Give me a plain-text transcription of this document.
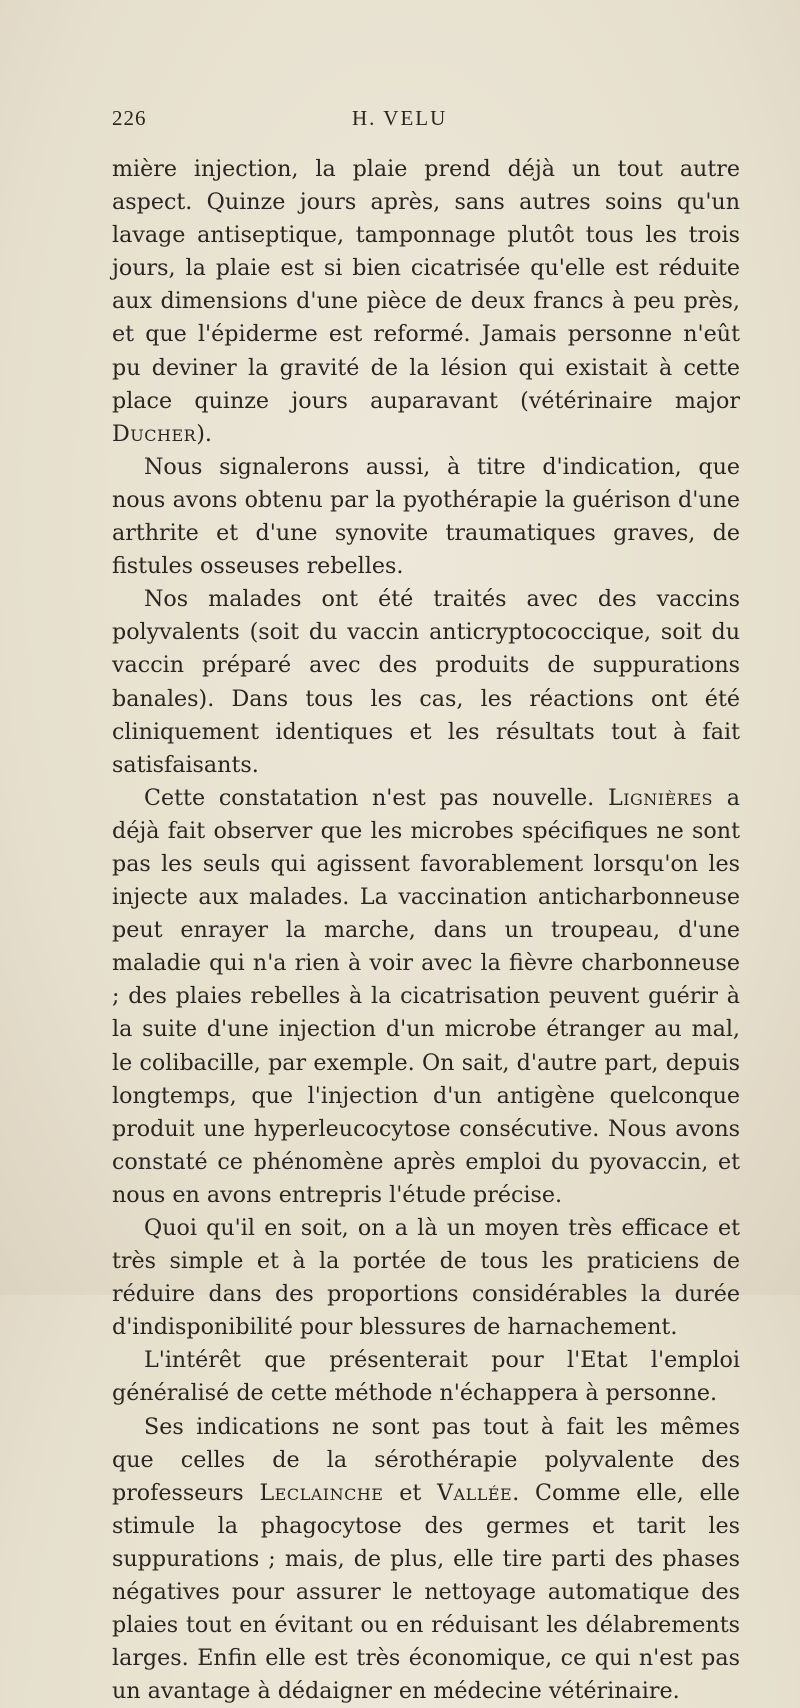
226	H. VELU

mière injection, la plaie prend déjà un tout autre aspect. Quinze jours après, sans autres soins qu'un lavage antiseptique, tamponnage plutôt tous les trois jours, la plaie est si bien cicatrisée qu'elle est réduite aux dimensions d'une pièce de deux francs à peu près, et que l'épiderme est reformé. Jamais personne n'eût pu deviner la gravité de la lésion qui existait à cette place quinze jours auparavant (vétérinaire major Ducher).

Nous signalerons aussi, à titre d'indication, que nous avons obtenu par la pyothérapie la guérison d'une arthrite et d'une synovite traumatiques graves, de fistules osseuses rebelles.

Nos malades ont été traités avec des vaccins polyvalents (soit du vaccin anticryptococcique, soit du vaccin préparé avec des produits de suppurations banales). Dans tous les cas, les réactions ont été cliniquement identiques et les résultats tout à fait satisfaisants.

Cette constatation n'est pas nouvelle. Lignières a déjà fait observer que les microbes spécifiques ne sont pas les seuls qui agissent favorablement lorsqu'on les injecte aux malades. La vaccination anticharbonneuse peut enrayer la marche, dans un troupeau, d'une maladie qui n'a rien à voir avec la fièvre charbonneuse ; des plaies rebelles à la cicatrisation peuvent guérir à la suite d'une injection d'un microbe étranger au mal, le colibacille, par exemple. On sait, d'autre part, depuis longtemps, que l'injection d'un antigène quelconque produit une hyperleucocytose consécutive. Nous avons constaté ce phénomène après emploi du pyovaccin, et nous en avons entrepris l'étude précise.

Quoi qu'il en soit, on a là un moyen très efficace et très simple et à la portée de tous les praticiens de réduire dans des proportions considérables la durée d'indisponibilité pour blessures de harnachement.

L'intérêt que présenterait pour l'Etat l'emploi généralisé de cette méthode n'échappera à personne.

Ses indications ne sont pas tout à fait les mêmes que celles de la sérothérapie polyvalente des professeurs Leclainche et Vallée. Comme elle, elle stimule la phagocytose des germes et tarit les suppurations ; mais, de plus, elle tire parti des phases négatives pour assurer le nettoyage automatique des plaies tout en évitant ou en réduisant les délabrements larges. Enfin elle est très économique, ce qui n'est pas un avantage à dédaigner en médecine vétérinaire.
